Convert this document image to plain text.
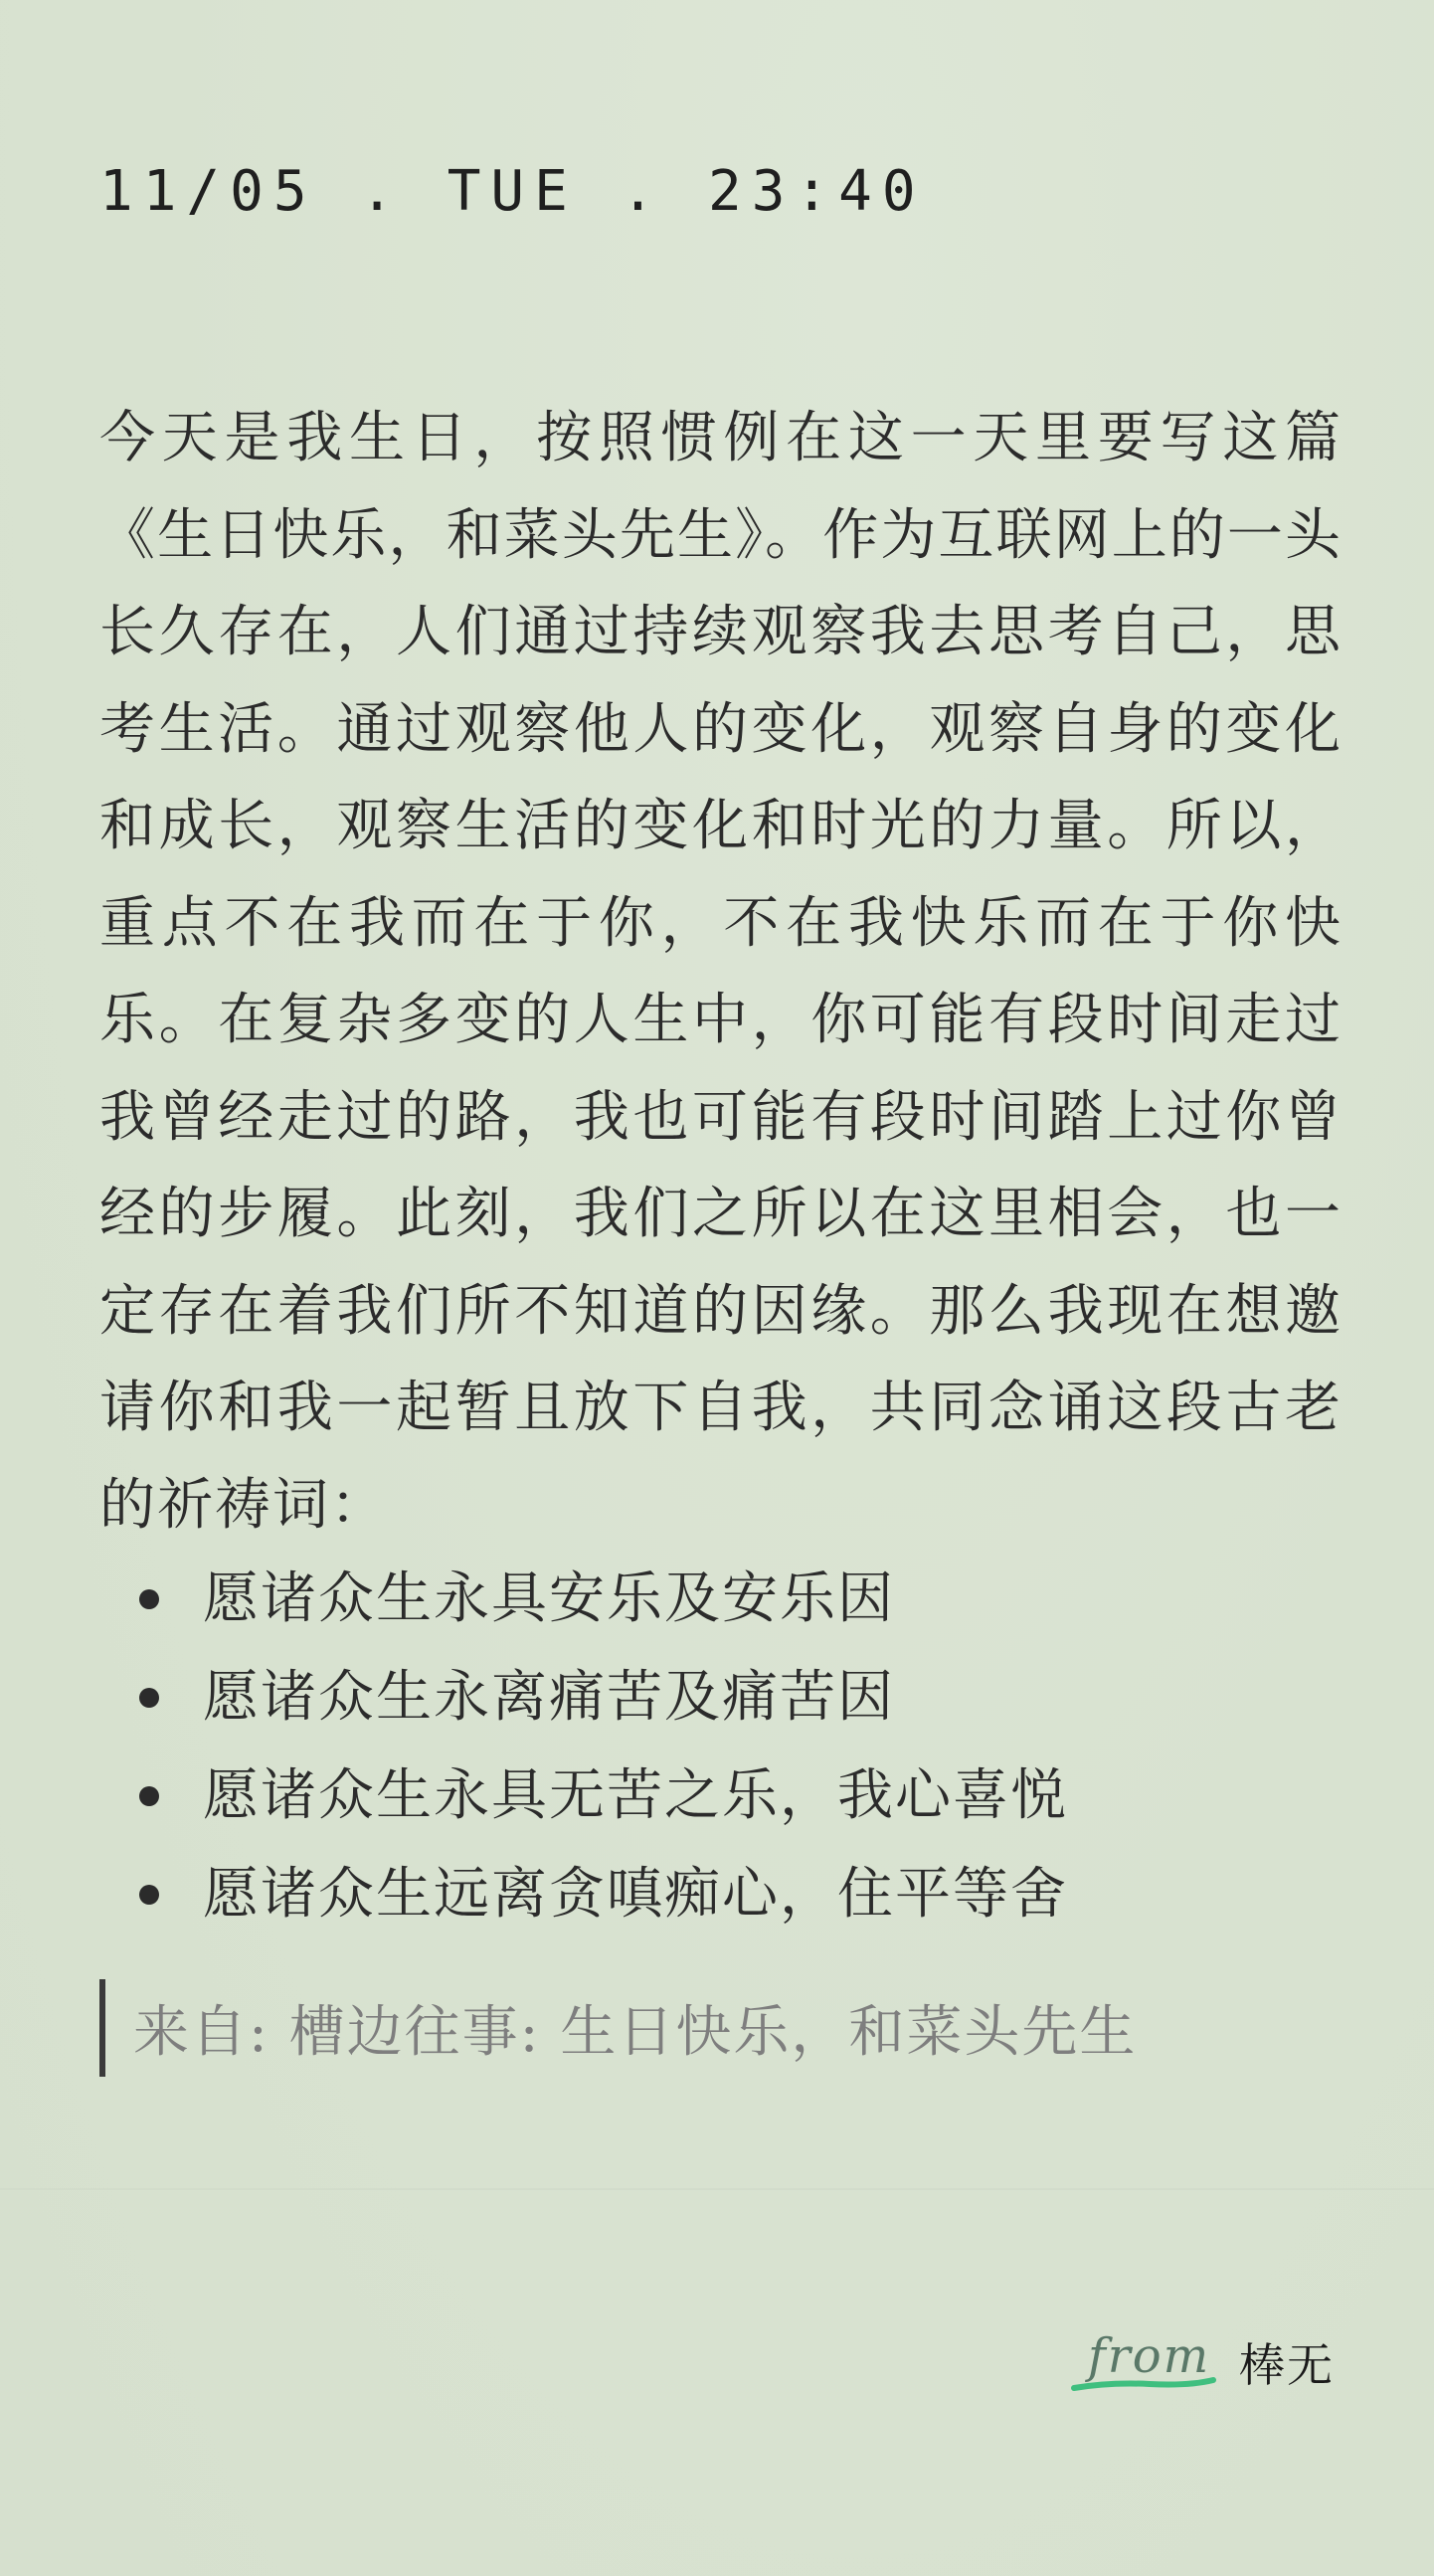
11/05 . TUE . 23:40

今天是我生日，按照惯例在这一天里要写这篇《生日快乐，和菜头先生》。作为互联网上的一头长久存在，人们通过持续观察我去思考自己，思考生活。通过观察他人的变化，观察自身的变化和成长，观察生活的变化和时光的力量。所以，重点不在我而在于你，不在我快乐而在于你快乐。在复杂多变的人生中，你可能有段时间走过我曾经走过的路，我也可能有段时间踏上过你曾经的步履。此刻，我们之所以在这里相会，也一定存在着我们所不知道的因缘。那么我现在想邀请你和我一起暂且放下自我，共同念诵这段古老的祈祷词：

愿诸众生永具安乐及安乐因
愿诸众生永离痛苦及痛苦因
愿诸众生永具无苦之乐，我心喜悦
愿诸众生远离贪嗔痴心，住平等舍
来自: 槽边往事: 生日快乐，和菜头先生
from 棒无
